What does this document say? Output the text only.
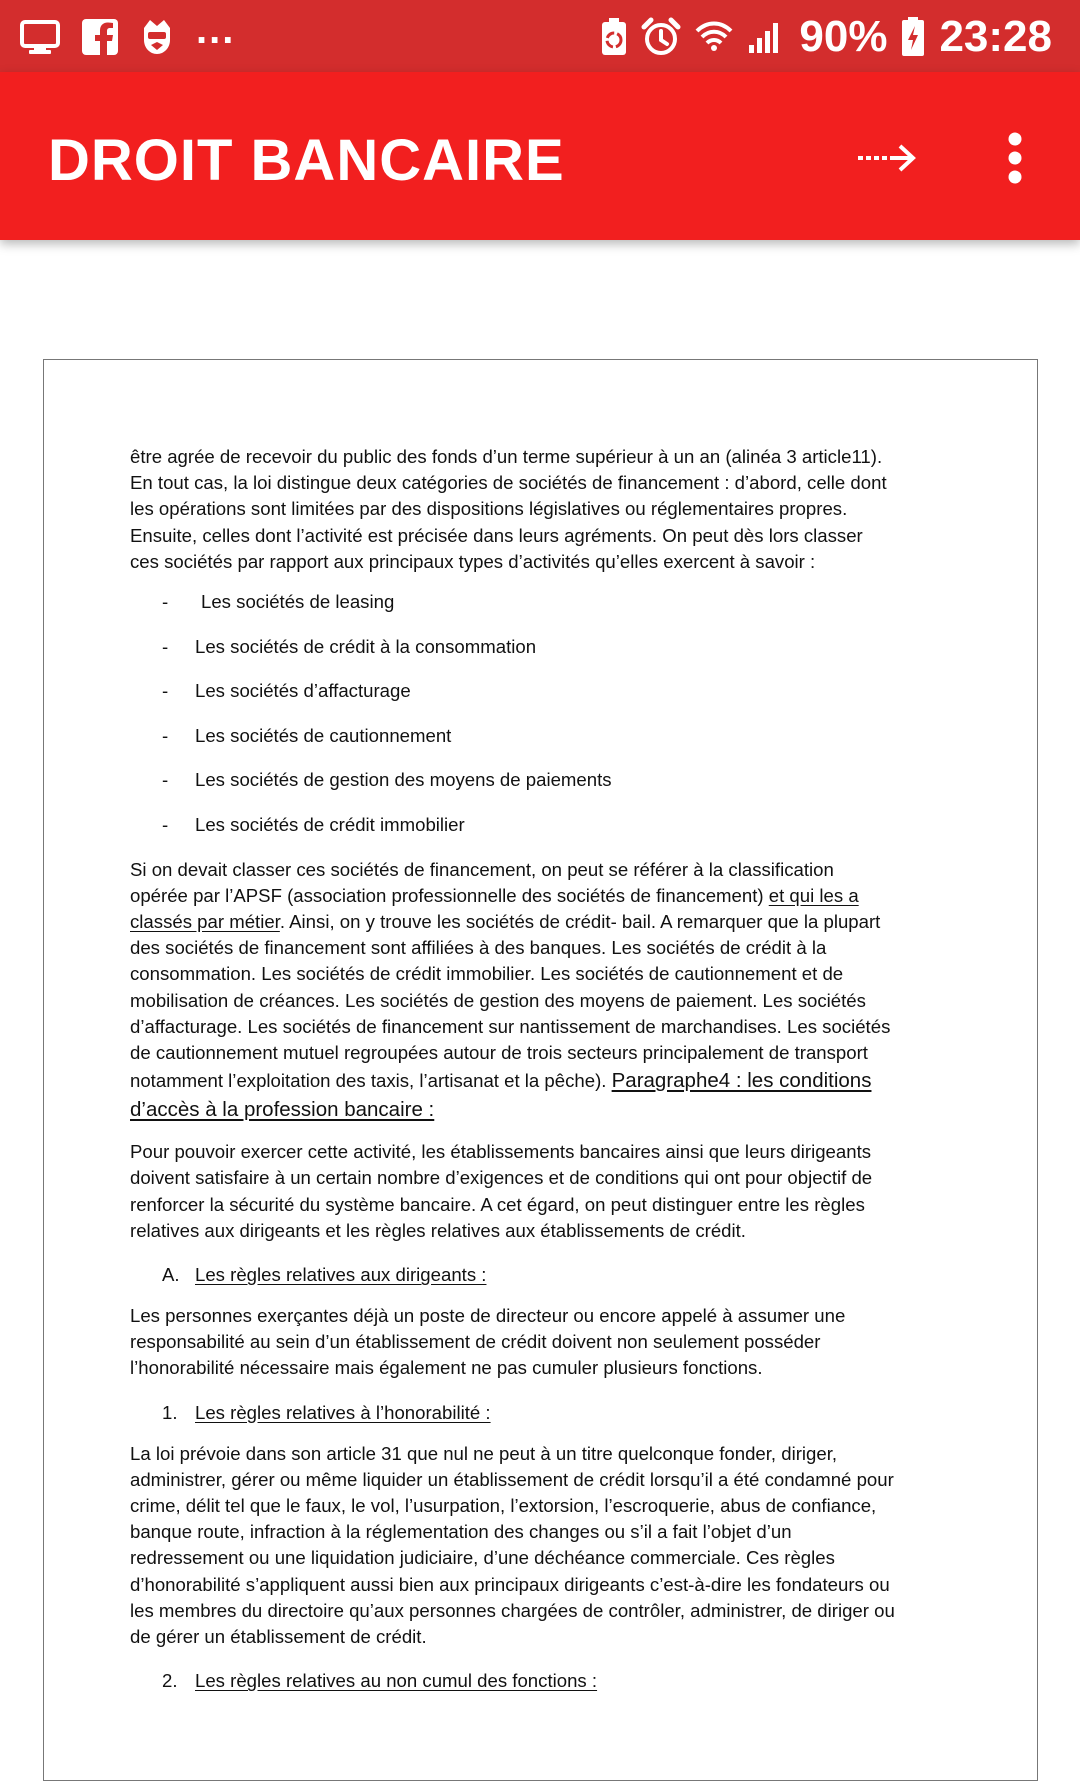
...	90% 23:28
DROIT BANCAIRE

être agrée de recevoir du public des fonds d’un terme supérieur à un an (alinéa 3 article11).
En tout cas, la loi distingue deux catégories de sociétés de financement : d’abord, celle dont
les opérations sont limitées par des dispositions législatives ou réglementaires propres.
Ensuite, celles dont l’activité est précisée dans leurs agréments. On peut dès lors classer
ces sociétés par rapport aux principaux types d’activités qu’elles exercent à savoir :

- Les sociétés de leasing
- Les sociétés de crédit à la consommation
- Les sociétés d’affacturage
- Les sociétés de cautionnement
- Les sociétés de gestion des moyens de paiements
- Les sociétés de crédit immobilier

Si on devait classer ces sociétés de financement, on peut se référer à la classification
opérée par l’APSF (association professionnelle des sociétés de financement) et qui les a
classés par métier. Ainsi, on y trouve les sociétés de crédit- bail. A remarquer que la plupart
des sociétés de financement sont affiliées à des banques. Les sociétés de crédit à la
consommation. Les sociétés de crédit immobilier. Les sociétés de cautionnement et de
mobilisation de créances. Les sociétés de gestion des moyens de paiement. Les sociétés
d’affacturage. Les sociétés de financement sur nantissement de marchandises. Les sociétés
de cautionnement mutuel regroupées autour de trois secteurs principalement de transport
notamment l’exploitation des taxis, l’artisanat et la pêche). Paragraphe4 : les conditions
d’accès à la profession bancaire :

Pour pouvoir exercer cette activité, les établissements bancaires ainsi que leurs dirigeants
doivent satisfaire à un certain nombre d’exigences et de conditions qui ont pour objectif de
renforcer la sécurité du système bancaire. A cet égard, on peut distinguer entre les règles
relatives aux dirigeants et les règles relatives aux établissements de crédit.

A. Les règles relatives aux dirigeants :

Les personnes exerçantes déjà un poste de directeur ou encore appelé à assumer une
responsabilité au sein d’un établissement de crédit doivent non seulement posséder
l’honorabilité nécessaire mais également ne pas cumuler plusieurs fonctions.

1. Les règles relatives à l’honorabilité :

La loi prévoie dans son article 31 que nul ne peut à un titre quelconque fonder, diriger,
administrer, gérer ou même liquider un établissement de crédit lorsqu’il a été condamné pour
crime, délit tel que le faux, le vol, l’usurpation, l’extorsion, l’escroquerie, abus de confiance,
banque route, infraction à la réglementation des changes ou s’il a fait l’objet d’un
redressement ou une liquidation judiciaire, d’une déchéance commerciale. Ces règles
d’honorabilité s’appliquent aussi bien aux principaux dirigeants c’est-à-dire les fondateurs ou
les membres du directoire qu’aux personnes chargées de contrôler, administrer, de diriger ou
de gérer un établissement de crédit.

2. Les règles relatives au non cumul des fonctions :
